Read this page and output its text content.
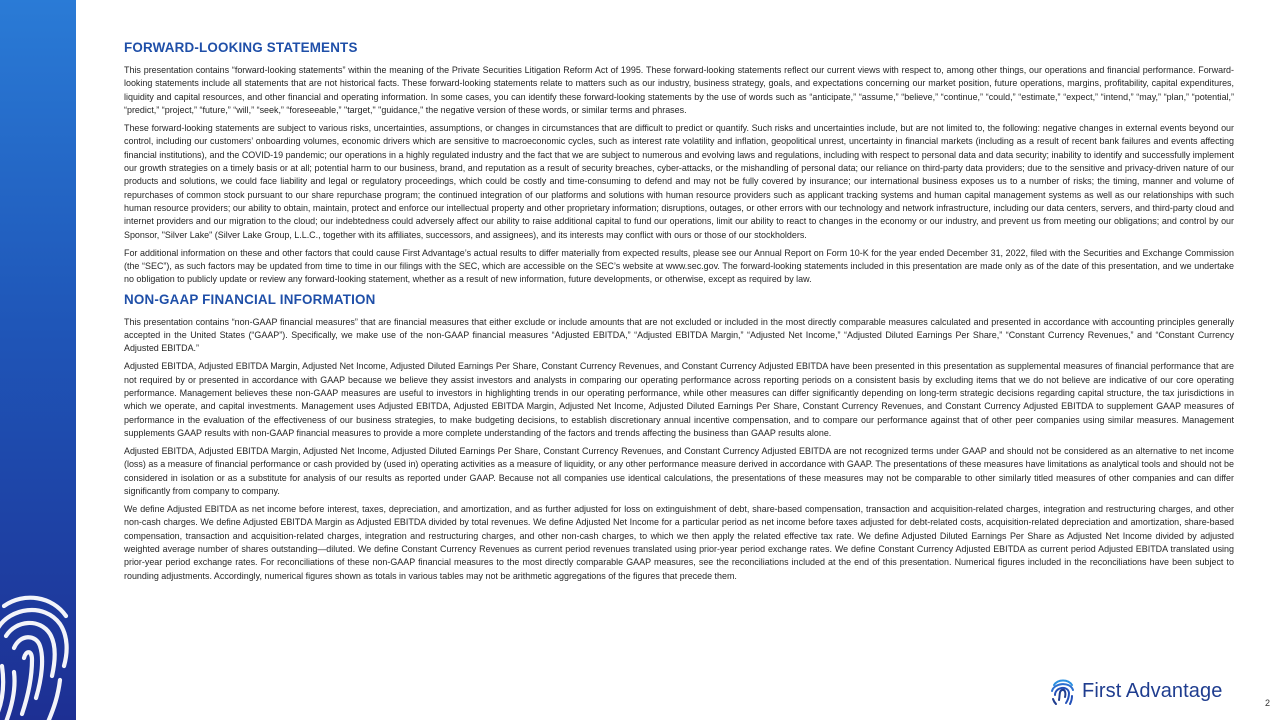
FORWARD-LOOKING STATEMENTS

This presentation contains “forward-looking statements” within the meaning of the Private Securities Litigation Reform Act of 1995. These forward-looking statements reflect our current views with respect to, among other things, our operations and financial performance. Forward-looking statements include all statements that are not historical facts. These forward-looking statements relate to matters such as our industry, business strategy, goals, and expectations concerning our market position, future operations, margins, profitability, capital expenditures, liquidity and capital resources, and other financial and operating information. In some cases, you can identify these forward-looking statements by the use of words such as “anticipate,” “assume,” “believe,” “continue,” “could,” “estimate,” “expect,” “intend,” “may,” “plan,” “potential,” “predict,” “project,” “future,” “will,” “seek,” “foreseeable,” "target," "guidance," the negative version of these words, or similar terms and phrases.

These forward-looking statements are subject to various risks, uncertainties, assumptions, or changes in circumstances that are difficult to predict or quantify. Such risks and uncertainties include, but are not limited to, the following: negative changes in external events beyond our control, including our customers’ onboarding volumes, economic drivers which are sensitive to macroeconomic cycles, such as interest rate volatility and inflation, geopolitical unrest, uncertainty in financial markets (including as a result of recent bank failures and events affecting financial institutions), and the COVID-19 pandemic; our operations in a highly regulated industry and the fact that we are subject to numerous and evolving laws and regulations, including with respect to personal data and data security; inability to identify and successfully implement our growth strategies on a timely basis or at all; potential harm to our business, brand, and reputation as a result of security breaches, cyber-attacks, or the mishandling of personal data; our reliance on third-party data providers; due to the sensitive and privacy-driven nature of our products and solutions, we could face liability and legal or regulatory proceedings, which could be costly and time-consuming to defend and may not be fully covered by insurance; our international business exposes us to a number of risks; the timing, manner and volume of repurchases of common stock pursuant to our share repurchase program; the continued integration of our platforms and solutions with human resource providers such as applicant tracking systems and human capital management systems as well as our relationships with such human resource providers; our ability to obtain, maintain, protect and enforce our intellectual property and other proprietary information; disruptions, outages, or other errors with our technology and network infrastructure, including our data centers, servers, and third-party cloud and internet providers and our migration to the cloud; our indebtedness could adversely affect our ability to raise additional capital to fund our operations, limit our ability to react to changes in the economy or our industry, and prevent us from meeting our obligations; and control by our Sponsor, "Silver Lake" (Silver Lake Group, L.L.C., together with its affiliates, successors, and assignees), and its interests may conflict with ours or those of our stockholders.

For additional information on these and other factors that could cause First Advantage’s actual results to differ materially from expected results, please see our Annual Report on Form 10-K for the year ended December 31, 2022, filed with the Securities and Exchange Commission (the “SEC”), as such factors may be updated from time to time in our filings with the SEC, which are accessible on the SEC’s website at www.sec.gov. The forward-looking statements included in this presentation are made only as of the date of this presentation, and we undertake no obligation to publicly update or review any forward-looking statement, whether as a result of new information, future developments, or otherwise, except as required by law.

NON-GAAP FINANCIAL INFORMATION

This presentation contains “non-GAAP financial measures” that are financial measures that either exclude or include amounts that are not excluded or included in the most directly comparable measures calculated and presented in accordance with accounting principles generally accepted in the United States (“GAAP”). Specifically, we make use of the non-GAAP financial measures “Adjusted EBITDA,” “Adjusted EBITDA Margin,” “Adjusted Net Income,” “Adjusted Diluted Earnings Per Share,” “Constant Currency Revenues,” and “Constant Currency Adjusted EBITDA.”

Adjusted EBITDA, Adjusted EBITDA Margin, Adjusted Net Income, Adjusted Diluted Earnings Per Share, Constant Currency Revenues, and Constant Currency Adjusted EBITDA have been presented in this presentation as supplemental measures of financial performance that are not required by or presented in accordance with GAAP because we believe they assist investors and analysts in comparing our operating performance across reporting periods on a consistent basis by excluding items that we do not believe are indicative of our core operating performance. Management believes these non-GAAP measures are useful to investors in highlighting trends in our operating performance, while other measures can differ significantly depending on long-term strategic decisions regarding capital structure, the tax jurisdictions in which we operate, and capital investments. Management uses Adjusted EBITDA, Adjusted EBITDA Margin, Adjusted Net Income, Adjusted Diluted Earnings Per Share, Constant Currency Revenues, and Constant Currency Adjusted EBITDA to supplement GAAP measures of performance in the evaluation of the effectiveness of our business strategies, to make budgeting decisions, to establish discretionary annual incentive compensation, and to compare our performance against that of other peer companies using similar measures. Management supplements GAAP results with non-GAAP financial measures to provide a more complete understanding of the factors and trends affecting the business than GAAP results alone.

Adjusted EBITDA, Adjusted EBITDA Margin, Adjusted Net Income, Adjusted Diluted Earnings Per Share, Constant Currency Revenues, and Constant Currency Adjusted EBITDA are not recognized terms under GAAP and should not be considered as an alternative to net income (loss) as a measure of financial performance or cash provided by (used in) operating activities as a measure of liquidity, or any other performance measure derived in accordance with GAAP. The presentations of these measures have limitations as analytical tools and should not be considered in isolation or as a substitute for analysis of our results as reported under GAAP. Because not all companies use identical calculations, the presentations of these measures may not be comparable to other similarly titled measures of other companies and can differ significantly from company to company.

We define Adjusted EBITDA as net income before interest, taxes, depreciation, and amortization, and as further adjusted for loss on extinguishment of debt, share-based compensation, transaction and acquisition-related charges, integration and restructuring charges, and other non-cash charges. We define Adjusted EBITDA Margin as Adjusted EBITDA divided by total revenues. We define Adjusted Net Income for a particular period as net income before taxes adjusted for debt-related costs, acquisition-related depreciation and amortization, share-based compensation, transaction and acquisition-related charges, integration and restructuring charges, and other non-cash charges, to which we then apply the related effective tax rate. We define Adjusted Diluted Earnings Per Share as Adjusted Net Income divided by adjusted weighted average number of shares outstanding—diluted. We define Constant Currency Revenues as current period revenues translated using prior-year period exchange rates. We define Constant Currency Adjusted EBITDA as current period Adjusted EBITDA translated using prior-year period exchange rates. For reconciliations of these non-GAAP financial measures to the most directly comparable GAAP measures, see the reconciliations included at the end of this presentation. Numerical figures included in the reconciliations have been subject to rounding adjustments. Accordingly, numerical figures shown as totals in various tables may not be arithmetic aggregations of the figures that precede them.

First Advantage
2
